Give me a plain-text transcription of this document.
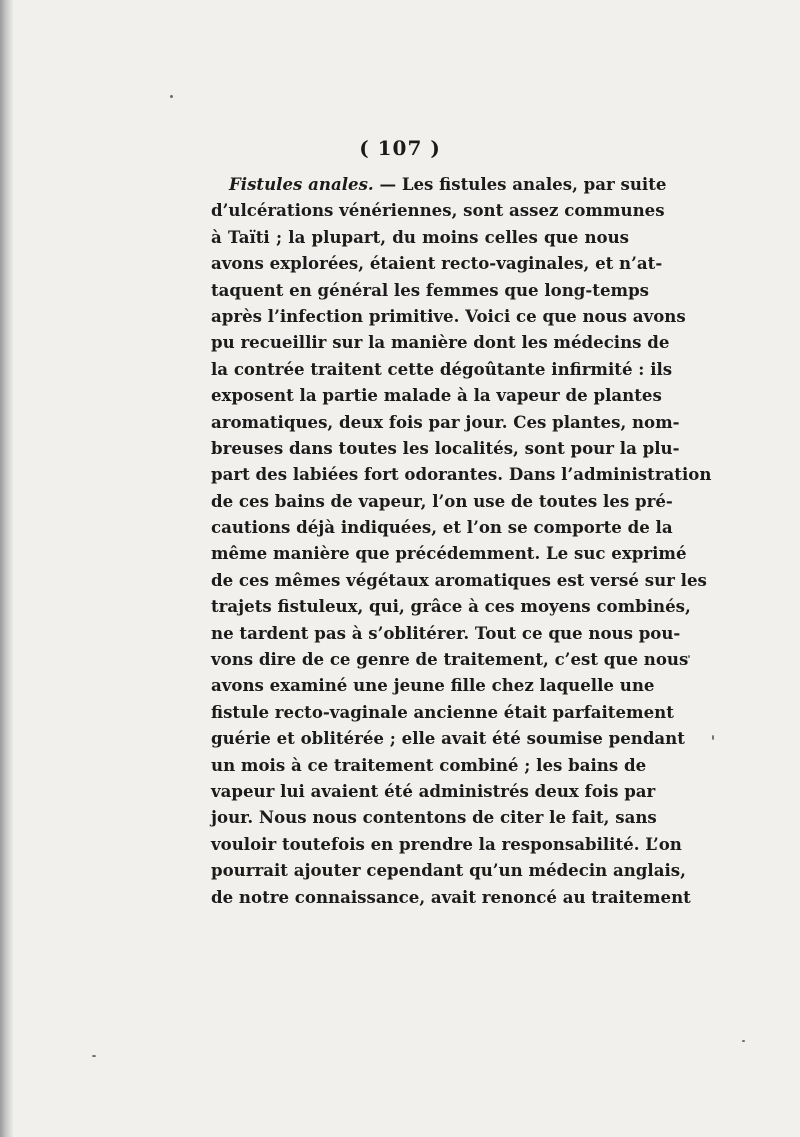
( 107 )
Fistules anales. — Les fistules anales, par suite
d’ulcérations vénériennes, sont assez communes
à Taïti ; la plupart, du moins celles que nous
avons explorées, étaient recto-vaginales, et n’at-
taquent en général les femmes que long-temps
après l’infection primitive. Voici ce que nous avons
pu recueillir sur la manière dont les médecins de
la contrée traitent cette dégoûtante infirmité : ils
exposent la partie malade à la vapeur de plantes
aromatiques, deux fois par jour. Ces plantes, nom-
breuses dans toutes les localités, sont pour la plu-
part des labiées fort odorantes. Dans l’administration
de ces bains de vapeur, l’on use de toutes les pré-
cautions déjà indiquées, et l’on se comporte de la
même manière que précédemment. Le suc exprimé
de ces mêmes végétaux aromatiques est versé sur les
trajets fistuleux, qui, grâce à ces moyens combinés,
ne tardent pas à s’oblitérer. Tout ce que nous pou-
vons dire de ce genre de traitement, c’est que nous
avons examiné une jeune fille chez laquelle une
fistule recto-vaginale ancienne était parfaitement
guérie et oblitérée ; elle avait été soumise pendant
un mois à ce traitement combiné ; les bains de
vapeur lui avaient été administrés deux fois par
jour. Nous nous contentons de citer le fait, sans
vouloir toutefois en prendre la responsabilité. L’on
pourrait ajouter cependant qu’un médecin anglais,
de notre connaissance, avait renoncé au traitement
